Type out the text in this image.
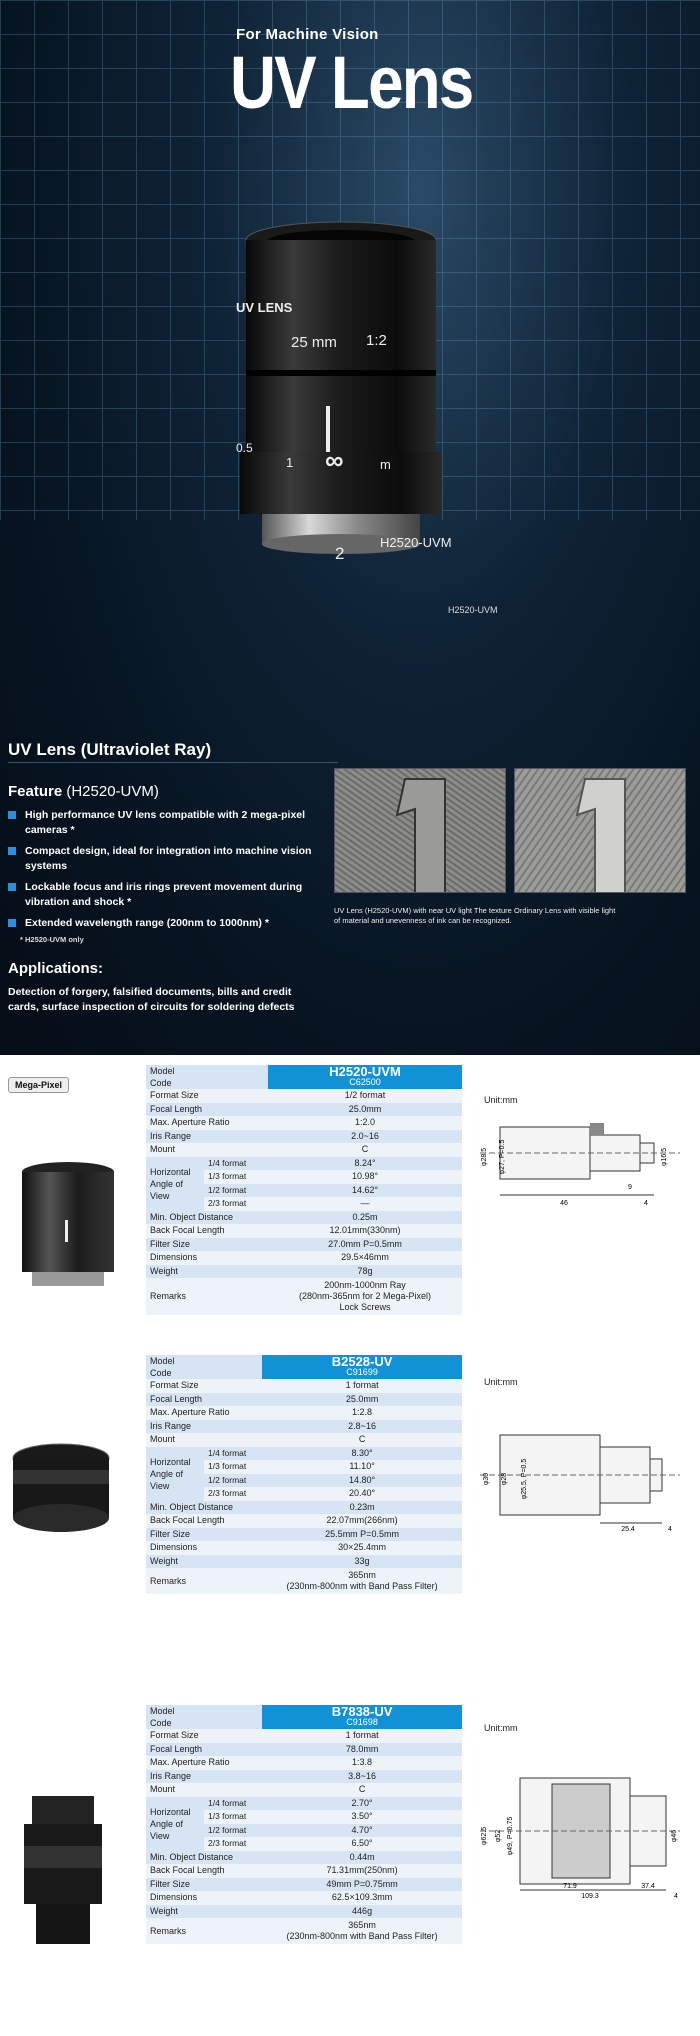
For Machine Vision
UV Lens
UV LENS
25 mm 1:2
0.5
1 ∞	m
2
H2520-UVM
H2520-UVM
UV Lens (Ultraviolet Ray)
Feature (H2520-UVM)
High performance UV lens compatible with 2 mega-pixel cameras *
Compact design, ideal for integration into machine vision systems
Lockable focus and iris rings prevent movement during vibration and shock *
Extended wavelength range (200nm to 1000nm) *
* H2520-UVM only
Applications:
Detection of forgery, falsified documents, bills and credit cards, surface inspection of circuits for soldering defects
UV Lens (H2520-UVM) with near UV light The texture of material and unevenness of ink can be recognized.
Ordinary Lens with visible light
Mega-Pixel
Model
Code		H2520-UVM
C62500

Format Size		1/2 format
Focal Length		25.0mm
Max. Aperture Ratio		1:2.0
Iris Range		2.0~16
Mount		C
Horizontal Angle of View	1/4 format	8.24°
	1/3 format	10.98°
	1/2 format	14.62°
	2/3 format	—
Min. Object Distance		0.25m
Back Focal Length		12.01mm(330nm)
Filter Size		27.0mm P=0.5mm
Dimensions		29.5×46mm
Weight		78g
Remarks		200nm-1000nm Ray
(280nm-365nm for 2 Mega-Pixel)
Lock Screws
Unit:mm
φ28.5 φ27, P=0.5	φ16.5
46	4
9
Model
Code		B2528-UV
C91699

Format Size		1 format
Focal Length		25.0mm
Max. Aperture Ratio		1:2.8
Iris Range		2.8~16
Mount		C
Horizontal Angle of View	1/4 format	8.30°
	1/3 format	11.10°
	1/2 format	14.80°
	2/3 format	20.40°
Min. Object Distance		0.23m
Back Focal Length		22.07mm(266nm)
Filter Size		25.5mm P=0.5mm
Dimensions		30×25.4mm
Weight		33g
Remarks		365nm
(230nm-800nm with Band Pass Filter)
Unit:mm
φ30 φ28 φ25.5, P=0.5
25.4	4
Model
Code		B7838-UV
C91698

Format Size		1 format
Focal Length		78.0mm
Max. Aperture Ratio		1:3.8
Iris Range		3.8~16
Mount		C
Horizontal Angle of View	1/4 format	2.70°
	1/3 format	3.50°
	1/2 format	4.70°
	2/3 format	6.50°
Min. Object Distance		0.44m
Back Focal Length		71.31mm(250nm)
Filter Size		49mm P=0.75mm
Dimensions		62.5×109.3mm
Weight		446g
Remarks		365nm
(230nm-800nm with Band Pass Filter)
Unit:mm
φ62.5 φ52 φ49, P=0.75	φ46
71.9	37.4
109.3	4
